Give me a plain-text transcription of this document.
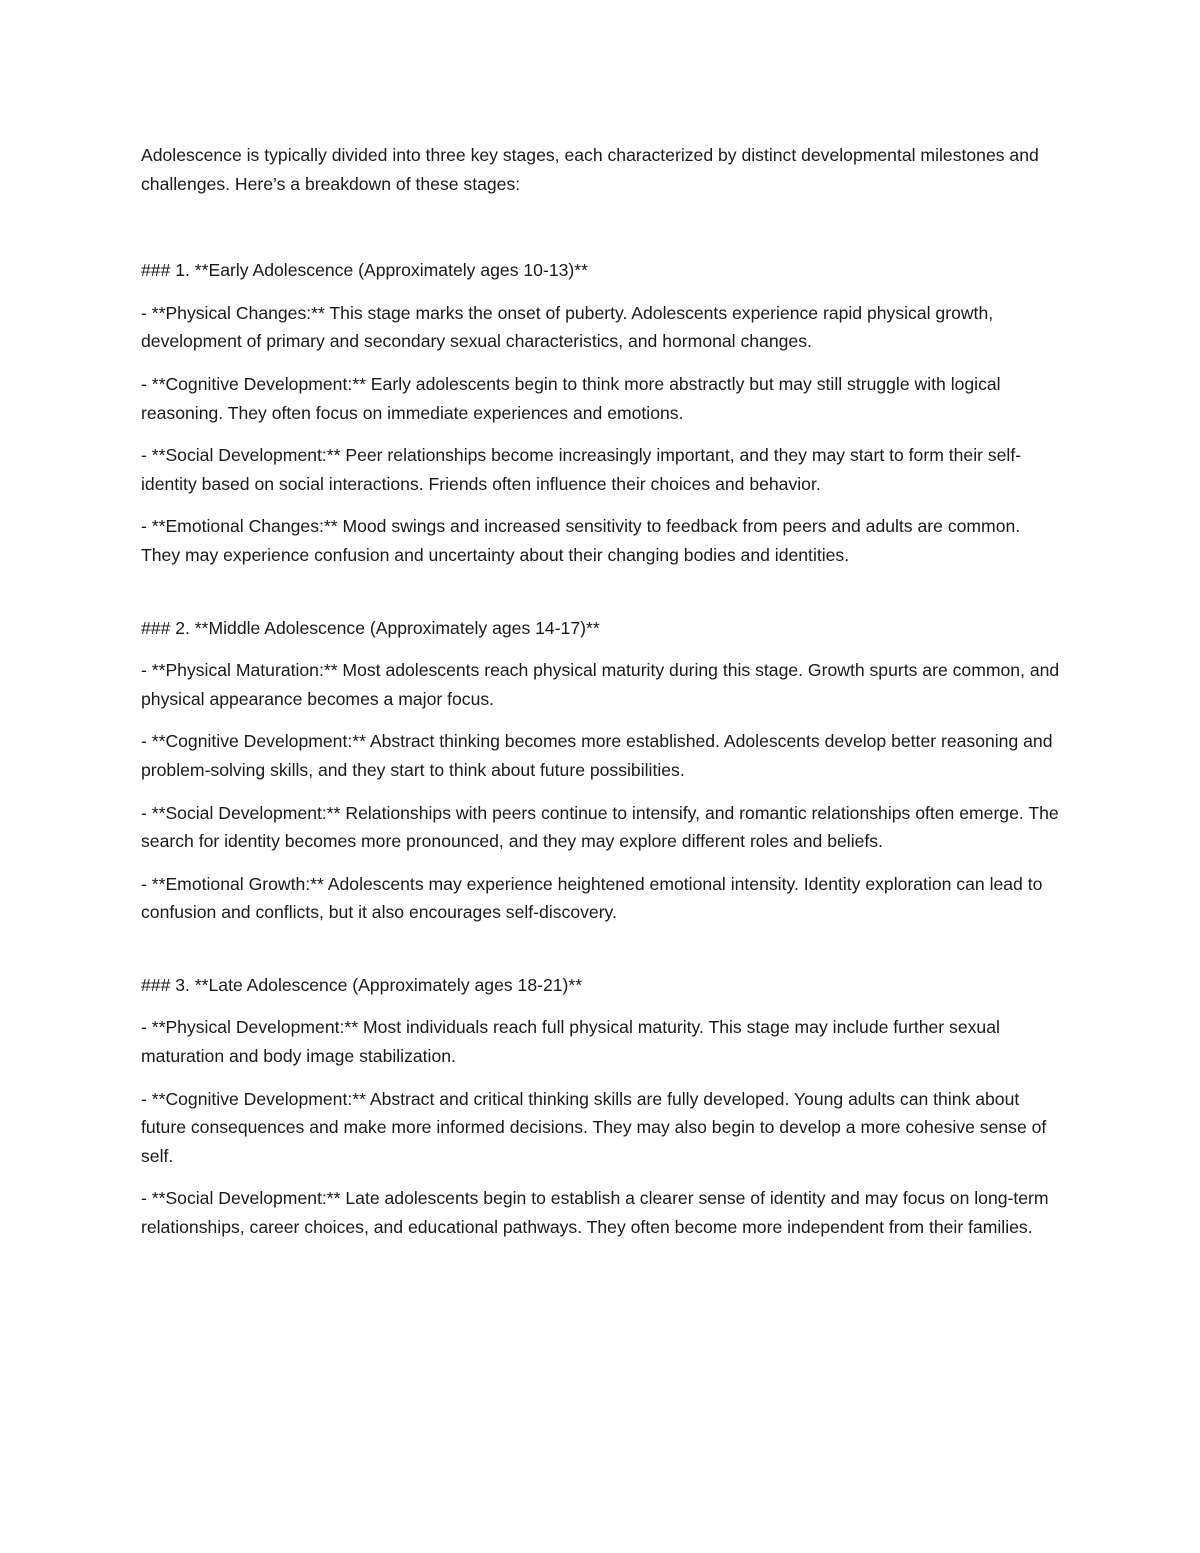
Adolescence is typically divided into three key stages, each characterized by distinct developmental milestones and challenges. Here’s a breakdown of these stages:

### 1. **Early Adolescence (Approximately ages 10-13)**

- **Physical Changes:** This stage marks the onset of puberty. Adolescents experience rapid physical growth, development of primary and secondary sexual characteristics, and hormonal changes.

- **Cognitive Development:** Early adolescents begin to think more abstractly but may still struggle with logical reasoning. They often focus on immediate experiences and emotions.

- **Social Development:** Peer relationships become increasingly important, and they may start to form their self-identity based on social interactions. Friends often influence their choices and behavior.

- **Emotional Changes:** Mood swings and increased sensitivity to feedback from peers and adults are common. They may experience confusion and uncertainty about their changing bodies and identities.

### 2. **Middle Adolescence (Approximately ages 14-17)**

- **Physical Maturation:** Most adolescents reach physical maturity during this stage. Growth spurts are common, and physical appearance becomes a major focus.

- **Cognitive Development:** Abstract thinking becomes more established. Adolescents develop better reasoning and problem-solving skills, and they start to think about future possibilities.

- **Social Development:** Relationships with peers continue to intensify, and romantic relationships often emerge. The search for identity becomes more pronounced, and they may explore different roles and beliefs.

- **Emotional Growth:** Adolescents may experience heightened emotional intensity. Identity exploration can lead to confusion and conflicts, but it also encourages self-discovery.

### 3. **Late Adolescence (Approximately ages 18-21)**

- **Physical Development:** Most individuals reach full physical maturity. This stage may include further sexual maturation and body image stabilization.

- **Cognitive Development:** Abstract and critical thinking skills are fully developed. Young adults can think about future consequences and make more informed decisions. They may also begin to develop a more cohesive sense of self.

- **Social Development:** Late adolescents begin to establish a clearer sense of identity and may focus on long-term relationships, career choices, and educational pathways. They often become more independent from their families.
